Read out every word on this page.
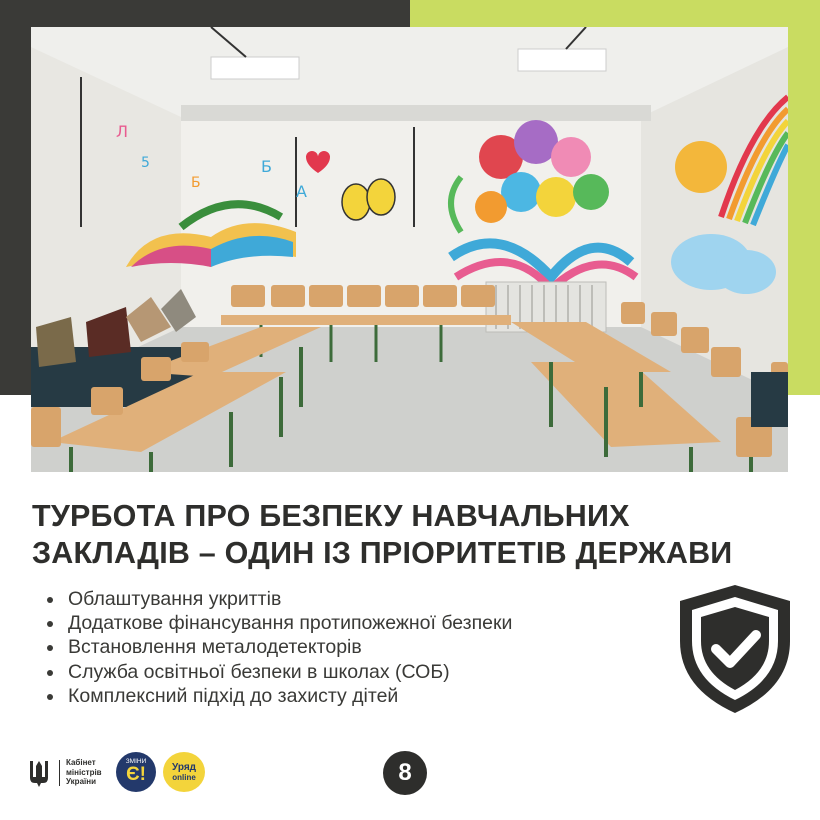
Л
5
Б
Б
А
ТУРБОТА ПРО БЕЗПЕКУ НАВЧАЛЬНИХ
ЗАКЛАДІВ – ОДИН ІЗ ПРІОРИТЕТІВ ДЕРЖАВИ
Облаштування укриттів
Додаткове фінансування протипожежної безпеки
Встановлення металодетекторів
Служба освітньої безпеки в школах (СОБ)
Комплексний підхід до захисту дітей
Кабінет
міністрів
України
ЗМІНИ
Є!	Уряд
online	8
